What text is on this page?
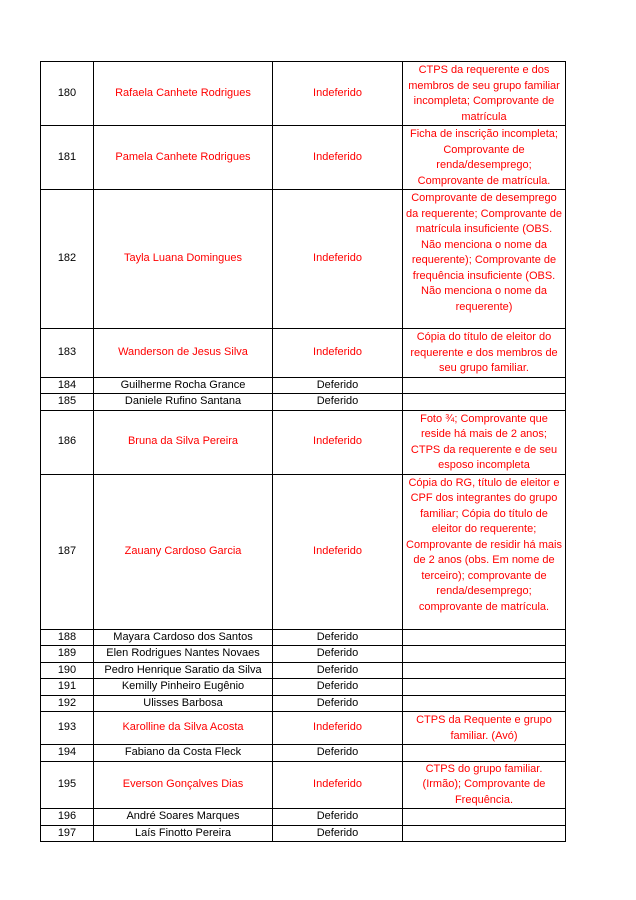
180	Rafaela Canhete Rodrigues	Indeferido	CTPS da requerente e dos membros de seu grupo familiar incompleta; Comprovante de matrícula
181	Pamela Canhete Rodrigues	Indeferido	Ficha de inscrição incompleta; Comprovante de renda/desemprego; Comprovante de matrícula.
182	Tayla Luana Domingues	Indeferido	Comprovante de desemprego da requerente; Comprovante de matrícula insuficiente (OBS. Não menciona o nome da requerente); Comprovante de frequência insuficiente (OBS. Não menciona o nome da requerente)
183	Wanderson de Jesus Silva	Indeferido	Cópia do título de eleitor do requerente e dos membros de seu grupo familiar.
184	Guilherme Rocha Grance	Deferido	
185	Daniele Rufino Santana	Deferido	
186	Bruna da Silva Pereira	Indeferido	Foto ¾; Comprovante que reside há mais de 2 anos; CTPS da requerente e de seu esposo incompleta
187	Zauany Cardoso Garcia	Indeferido	Cópia do RG, título de eleitor e CPF dos integrantes do grupo familiar; Cópia do título de eleitor do requerente; Comprovante de residir há mais de 2 anos (obs. Em nome de terceiro); comprovante de renda/desemprego; comprovante de matrícula.
188	Mayara Cardoso dos Santos	Deferido	
189	Elen Rodrigues Nantes Novaes	Deferido	
190	Pedro Henrique Saratio da Silva	Deferido	
191	Kemilly Pinheiro Eugênio	Deferido	
192	Ulisses Barbosa	Deferido	
193	Karolline da Silva Acosta	Indeferido	CTPS da Requente e grupo familiar. (Avó)
194	Fabiano da Costa Fleck	Deferido	
195	Everson Gonçalves Dias	Indeferido	CTPS do grupo familiar. (Irmão); Comprovante de Frequência.
196	André Soares Marques	Deferido	
197	Laís Finotto Pereira	Deferido	
